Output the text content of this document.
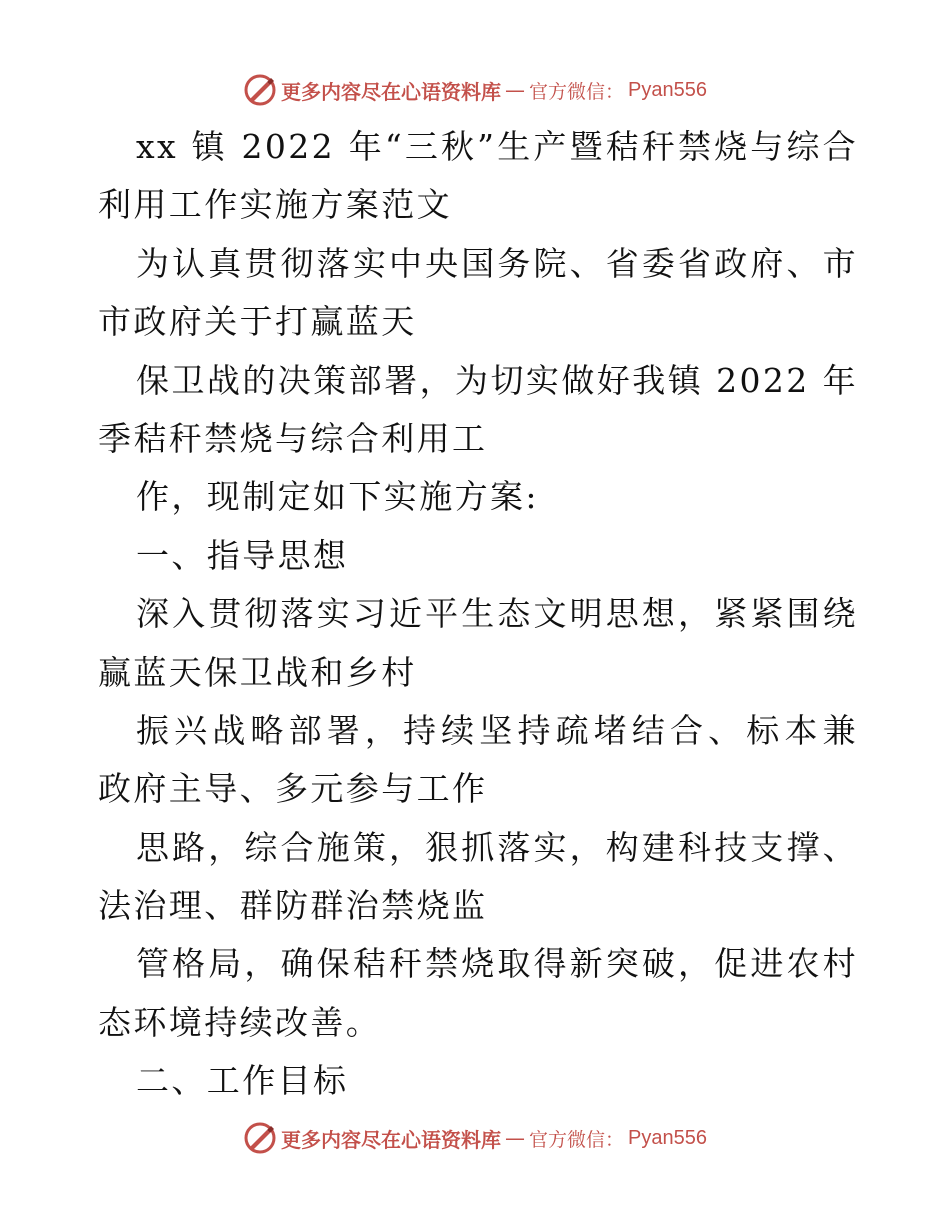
更多内容尽在心语资料库 — 官方微信： Pyan556
xx 镇 2022 年“三秋”生产暨秸秆禁烧与综合
利用工作实施方案范文
为认真贯彻落实中央国务院、省委省政府、市
市政府关于打赢蓝天
保卫战的决策部署，为切实做好我镇 2022 年
季秸秆禁烧与综合利用工
作，现制定如下实施方案:
一、指导思想
深入贯彻落实习近平生态文明思想，紧紧围绕
赢蓝天保卫战和乡村
振兴战略部署，持续坚持疏堵结合、标本兼
政府主导、多元参与工作
思路，综合施策，狠抓落实，构建科技支撑、
法治理、群防群治禁烧监
管格局，确保秸秆禁烧取得新突破，促进农村
态环境持续改善。
二、工作目标
更多内容尽在心语资料库 — 官方微信： Pyan556
